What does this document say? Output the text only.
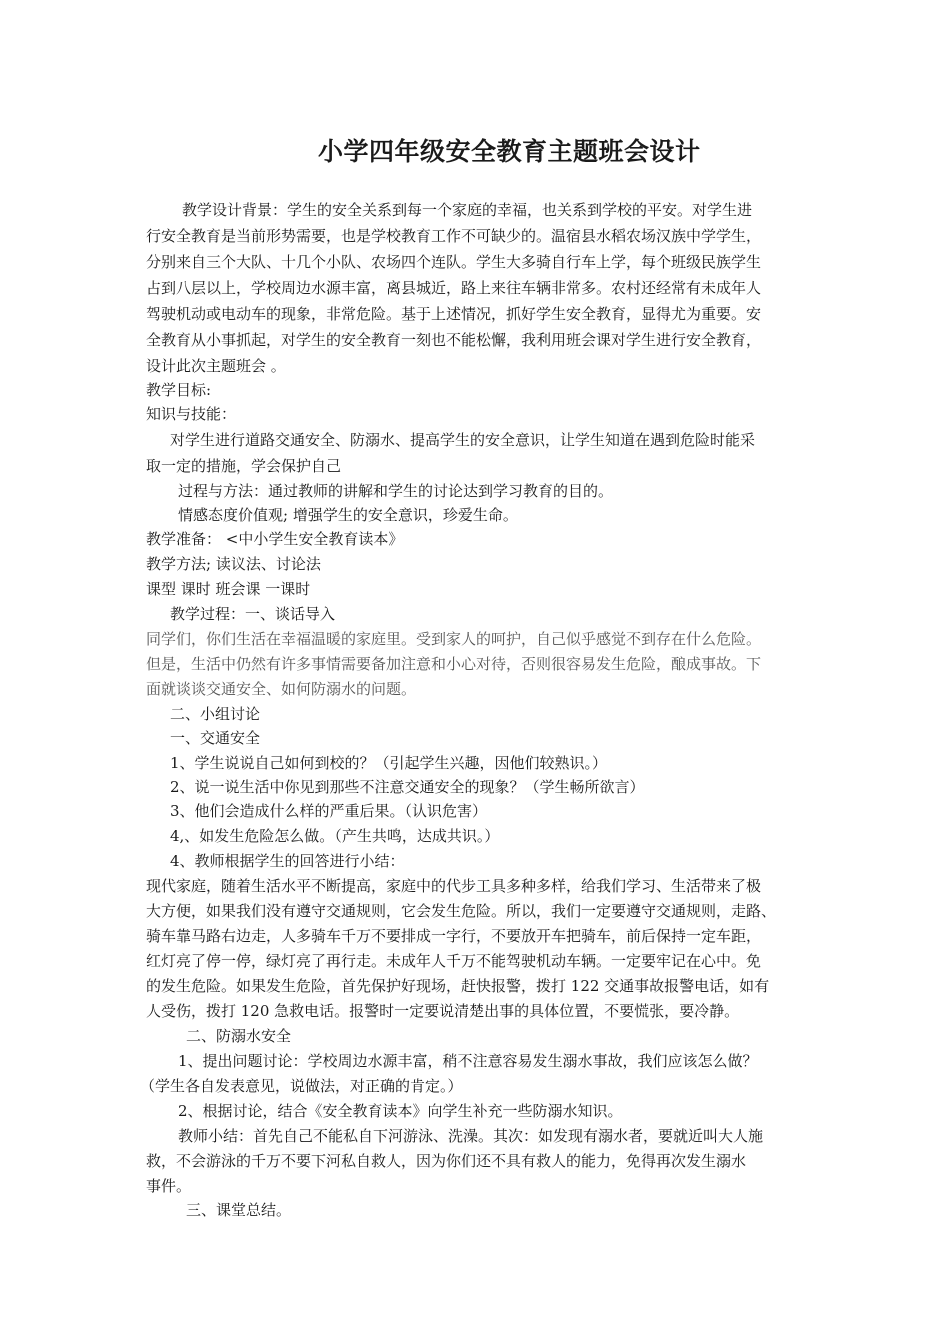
小学四年级安全教育主题班会设计
教学设计背景：学生的安全关系到每一个家庭的幸福，也关系到学校的平安。对学生进
行安全教育是当前形势需要，也是学校教育工作不可缺少的。温宿县水稻农场汉族中学学生，
分别来自三个大队、十几个小队、农场四个连队。学生大多骑自行车上学，每个班级民族学生
占到八层以上，学校周边水源丰富，离县城近，路上来往车辆非常多。农村还经常有未成年人
驾驶机动或电动车的现象，非常危险。基于上述情况，抓好学生安全教育，显得尤为重要。安
全教育从小事抓起，对学生的安全教育一刻也不能松懈，我利用班会课对学生进行安全教育，
设计此次主题班会 。
教学目标:
知识与技能：
对学生进行道路交通安全、防溺水、提高学生的安全意识，让学生知道在遇到危险时能采
取一定的措施，学会保护自己
过程与方法：通过教师的讲解和学生的讨论达到学习教育的目的。
情感态度价值观; 增强学生的安全意识，珍爱生命。
教学准备： <中小学生安全教育读本》
教学方法; 读议法、讨论法
课型 课时 班会课 一课时
教学过程：一、谈话导入
同学们，你们生活在幸福温暖的家庭里。受到家人的呵护，自己似乎感觉不到存在什么危险。
但是，生活中仍然有许多事情需要备加注意和小心对待，否则很容易发生危险，酿成事故。下
面就谈谈交通安全、如何防溺水的问题。
二、小组讨论
一、交通安全
1、学生说说自己如何到校的？（引起学生兴趣，因他们较熟识。）
2、说一说生活中你见到那些不注意交通安全的现象？（学生畅所欲言）
3、他们会造成什么样的严重后果。（认识危害）
4,、如发生危险怎么做。（产生共鸣，达成共识。）
4、教师根据学生的回答进行小结：
现代家庭，随着生活水平不断提高，家庭中的代步工具多种多样，给我们学习、生活带来了极
大方便，如果我们没有遵守交通规则，它会发生危险。所以，我们一定要遵守交通规则，走路、
骑车靠马路右边走，人多骑车千万不要排成一字行，不要放开车把骑车，前后保持一定车距，
红灯亮了停一停，绿灯亮了再行走。未成年人千万不能驾驶机动车辆。一定要牢记在心中。免
的发生危险。如果发生危险，首先保护好现场，赶快报警，拨打 122 交通事故报警电话，如有
人受伤，拨打 120 急救电话。报警时一定要说清楚出事的具体位置，不要慌张，要冷静。
二、防溺水安全
1、提出问题讨论：学校周边水源丰富，稍不注意容易发生溺水事故，我们应该怎么做？
（学生各自发表意见，说做法，对正确的肯定。）
2、根据讨论，结合《安全教育读本》向学生补充一些防溺水知识。
教师小结：首先自己不能私自下河游泳、洗澡。其次：如发现有溺水者，要就近叫大人施
救，不会游泳的千万不要下河私自救人，因为你们还不具有救人的能力，免得再次发生溺水
事件。
三、课堂总结。
